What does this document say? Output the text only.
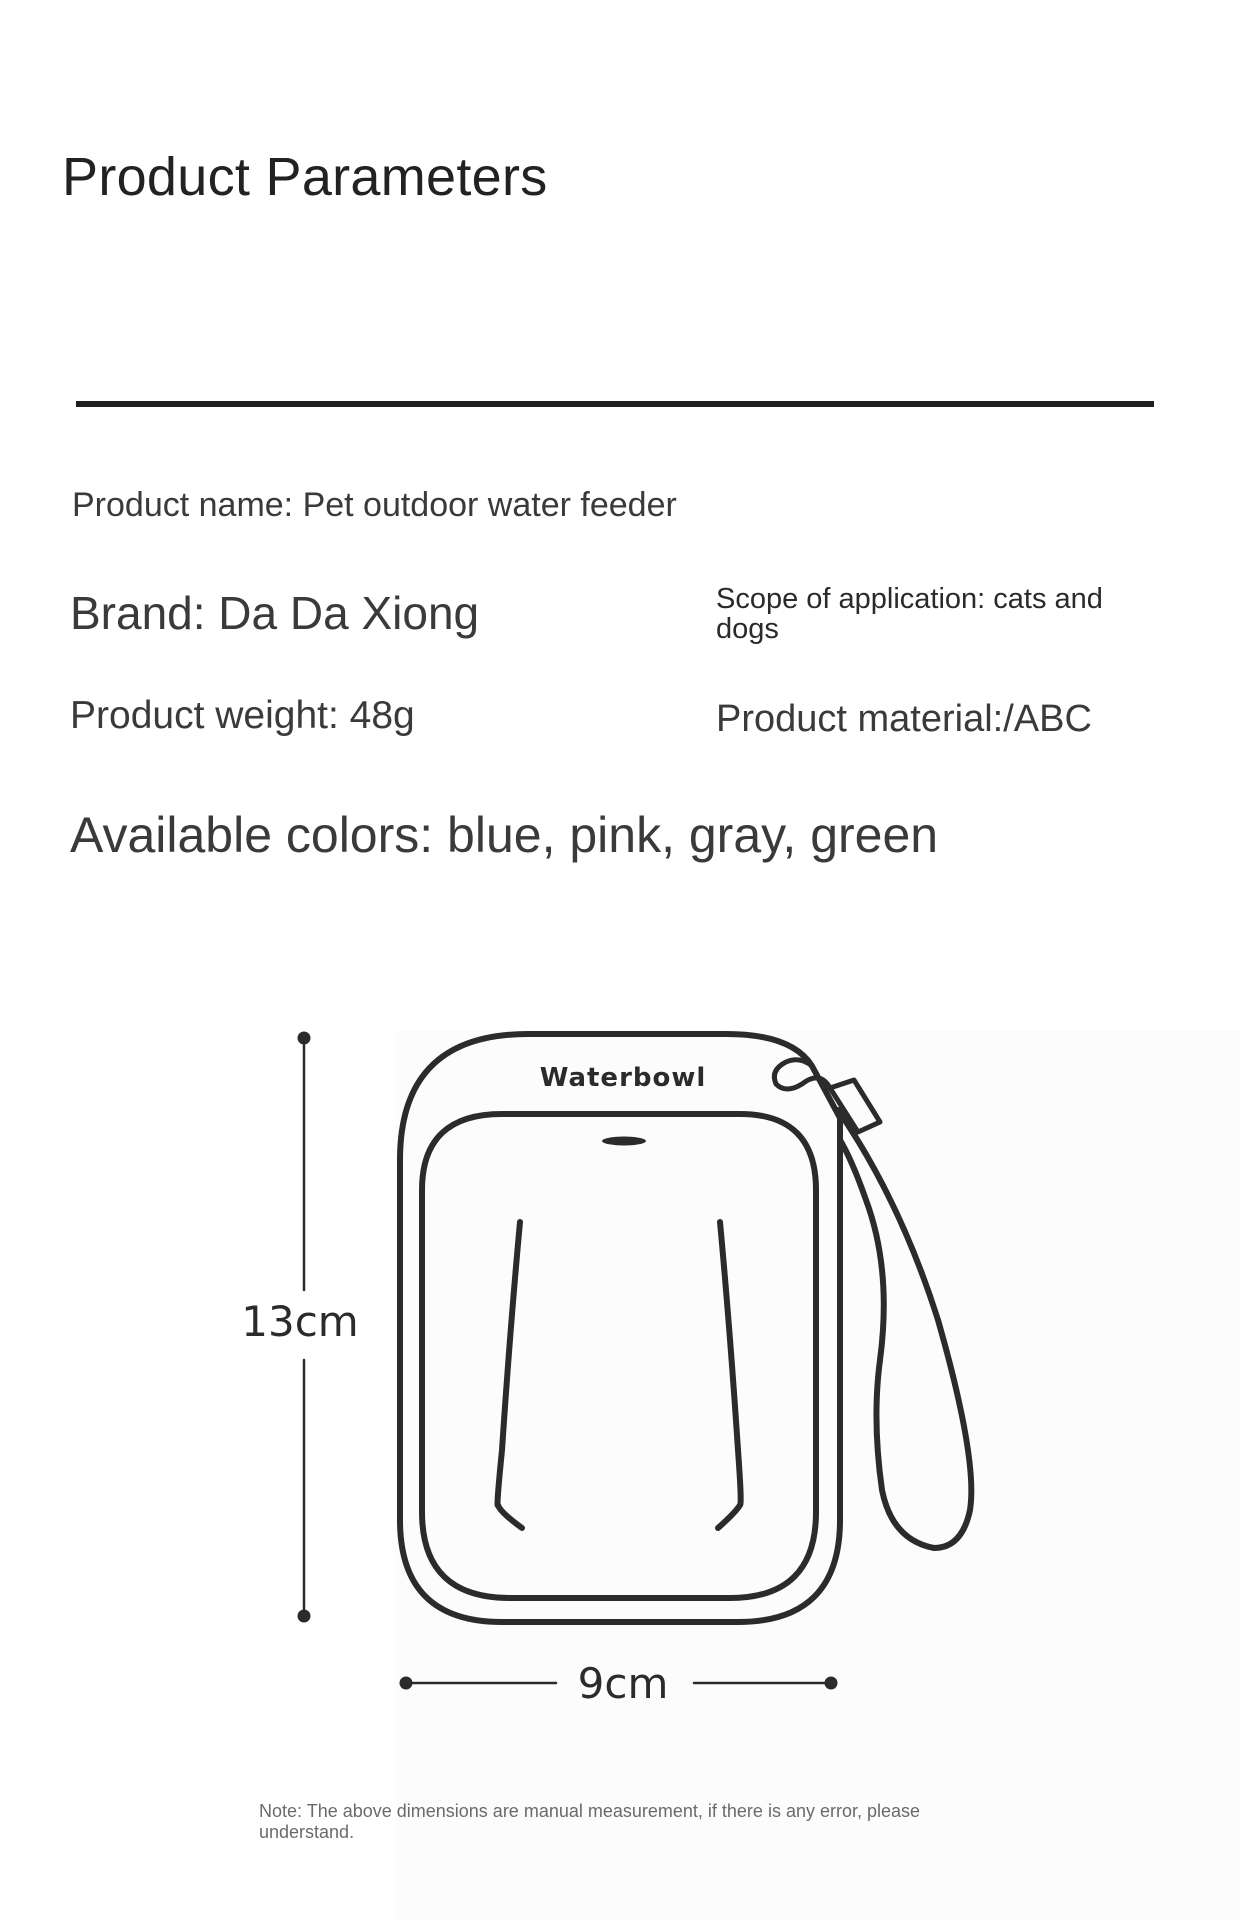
Product Parameters

Product name: Pet outdoor water feeder

Brand: Da Da Xiong	Scope of application: cats and dogs

Product weight: 48g	Product material:/ABC

Available colors: blue, pink, gray, green

Waterbowl
13cm
9cm

Note: The above dimensions are manual measurement, if there is any error, please understand.
